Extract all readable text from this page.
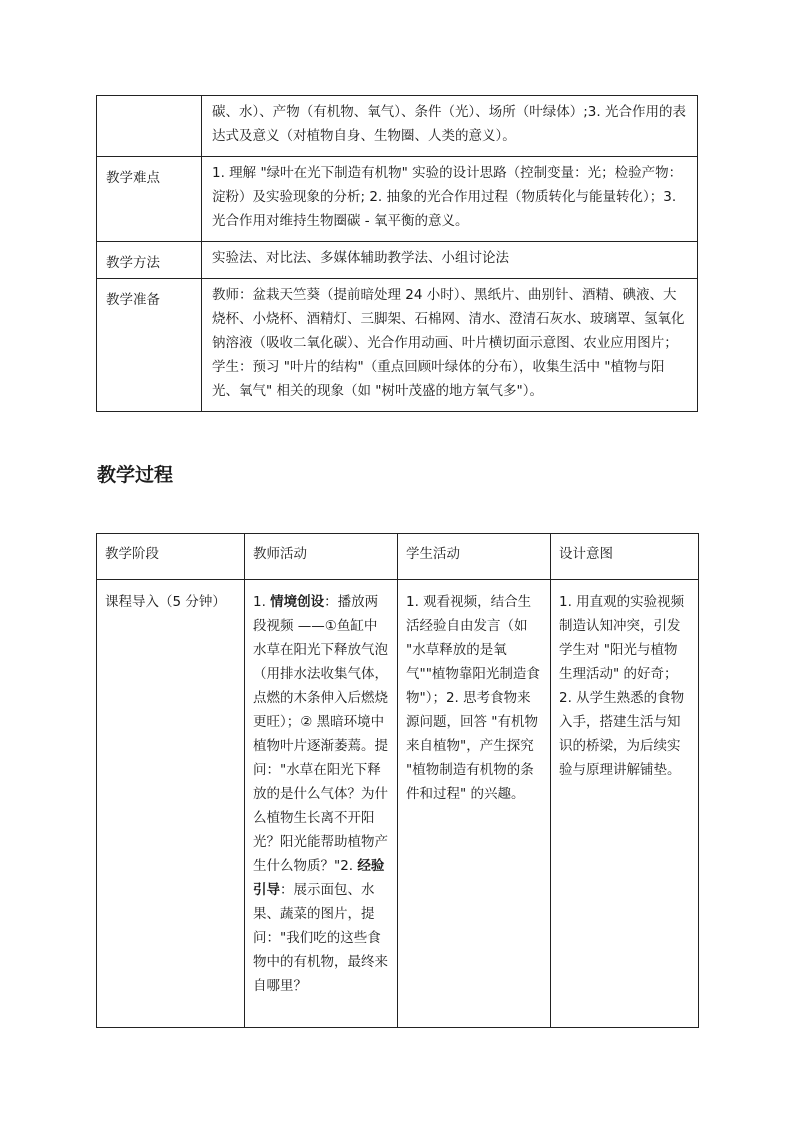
	碳、水）、产物（有机物、氧气）、条件（光）、场所（叶绿体）;3. 光合作用的表达式及意义（对植物自身、生物圈、人类的意义）。
教学难点	1. 理解 "绿叶在光下制造有机物" 实验的设计思路（控制变量：光；检验产物：淀粉）及实验现象的分析; 2. 抽象的光合作用过程（物质转化与能量转化）；3. 光合作用对维持生物圈碳 - 氧平衡的意义。
教学方法	实验法、对比法、多媒体辅助教学法、小组讨论法
教学准备	教师：盆栽天竺葵（提前暗处理 24 小时）、黑纸片、曲别针、酒精、碘液、大烧杯、小烧杯、酒精灯、三脚架、石棉网、清水、澄清石灰水、玻璃罩、氢氧化钠溶液（吸收二氧化碳）、光合作用动画、叶片横切面示意图、农业应用图片；学生：预习 "叶片的结构"（重点回顾叶绿体的分布），收集生活中 "植物与阳光、氧气" 相关的现象（如 "树叶茂盛的地方氧气多"）。
教学过程
教学阶段	教师活动	学生活动	设计意图
课程导入（5 分钟）	1. 情境创设：播放两段视频 ——①鱼缸中水草在阳光下释放气泡（用排水法收集气体，点燃的木条伸入后燃烧更旺）；② 黑暗环境中植物叶片逐渐萎蔫。提问："水草在阳光下释放的是什么气体？为什么植物生长离不开阳光？阳光能帮助植物产生什么物质？"2. 经验引导：展示面包、水果、蔬菜的图片，提问："我们吃的这些食物中的有机物，最终来自哪里？	1. 观看视频，结合生活经验自由发言（如 "水草释放的是氧气""植物靠阳光制造食物"）；2. 思考食物来源问题，回答 "有机物来自植物"，产生探究 "植物制造有机物的条件和过程" 的兴趣。	1. 用直观的实验视频制造认知冲突，引发学生对 "阳光与植物生理活动" 的好奇；2. 从学生熟悉的食物入手，搭建生活与知识的桥梁，为后续实验与原理讲解铺垫。
